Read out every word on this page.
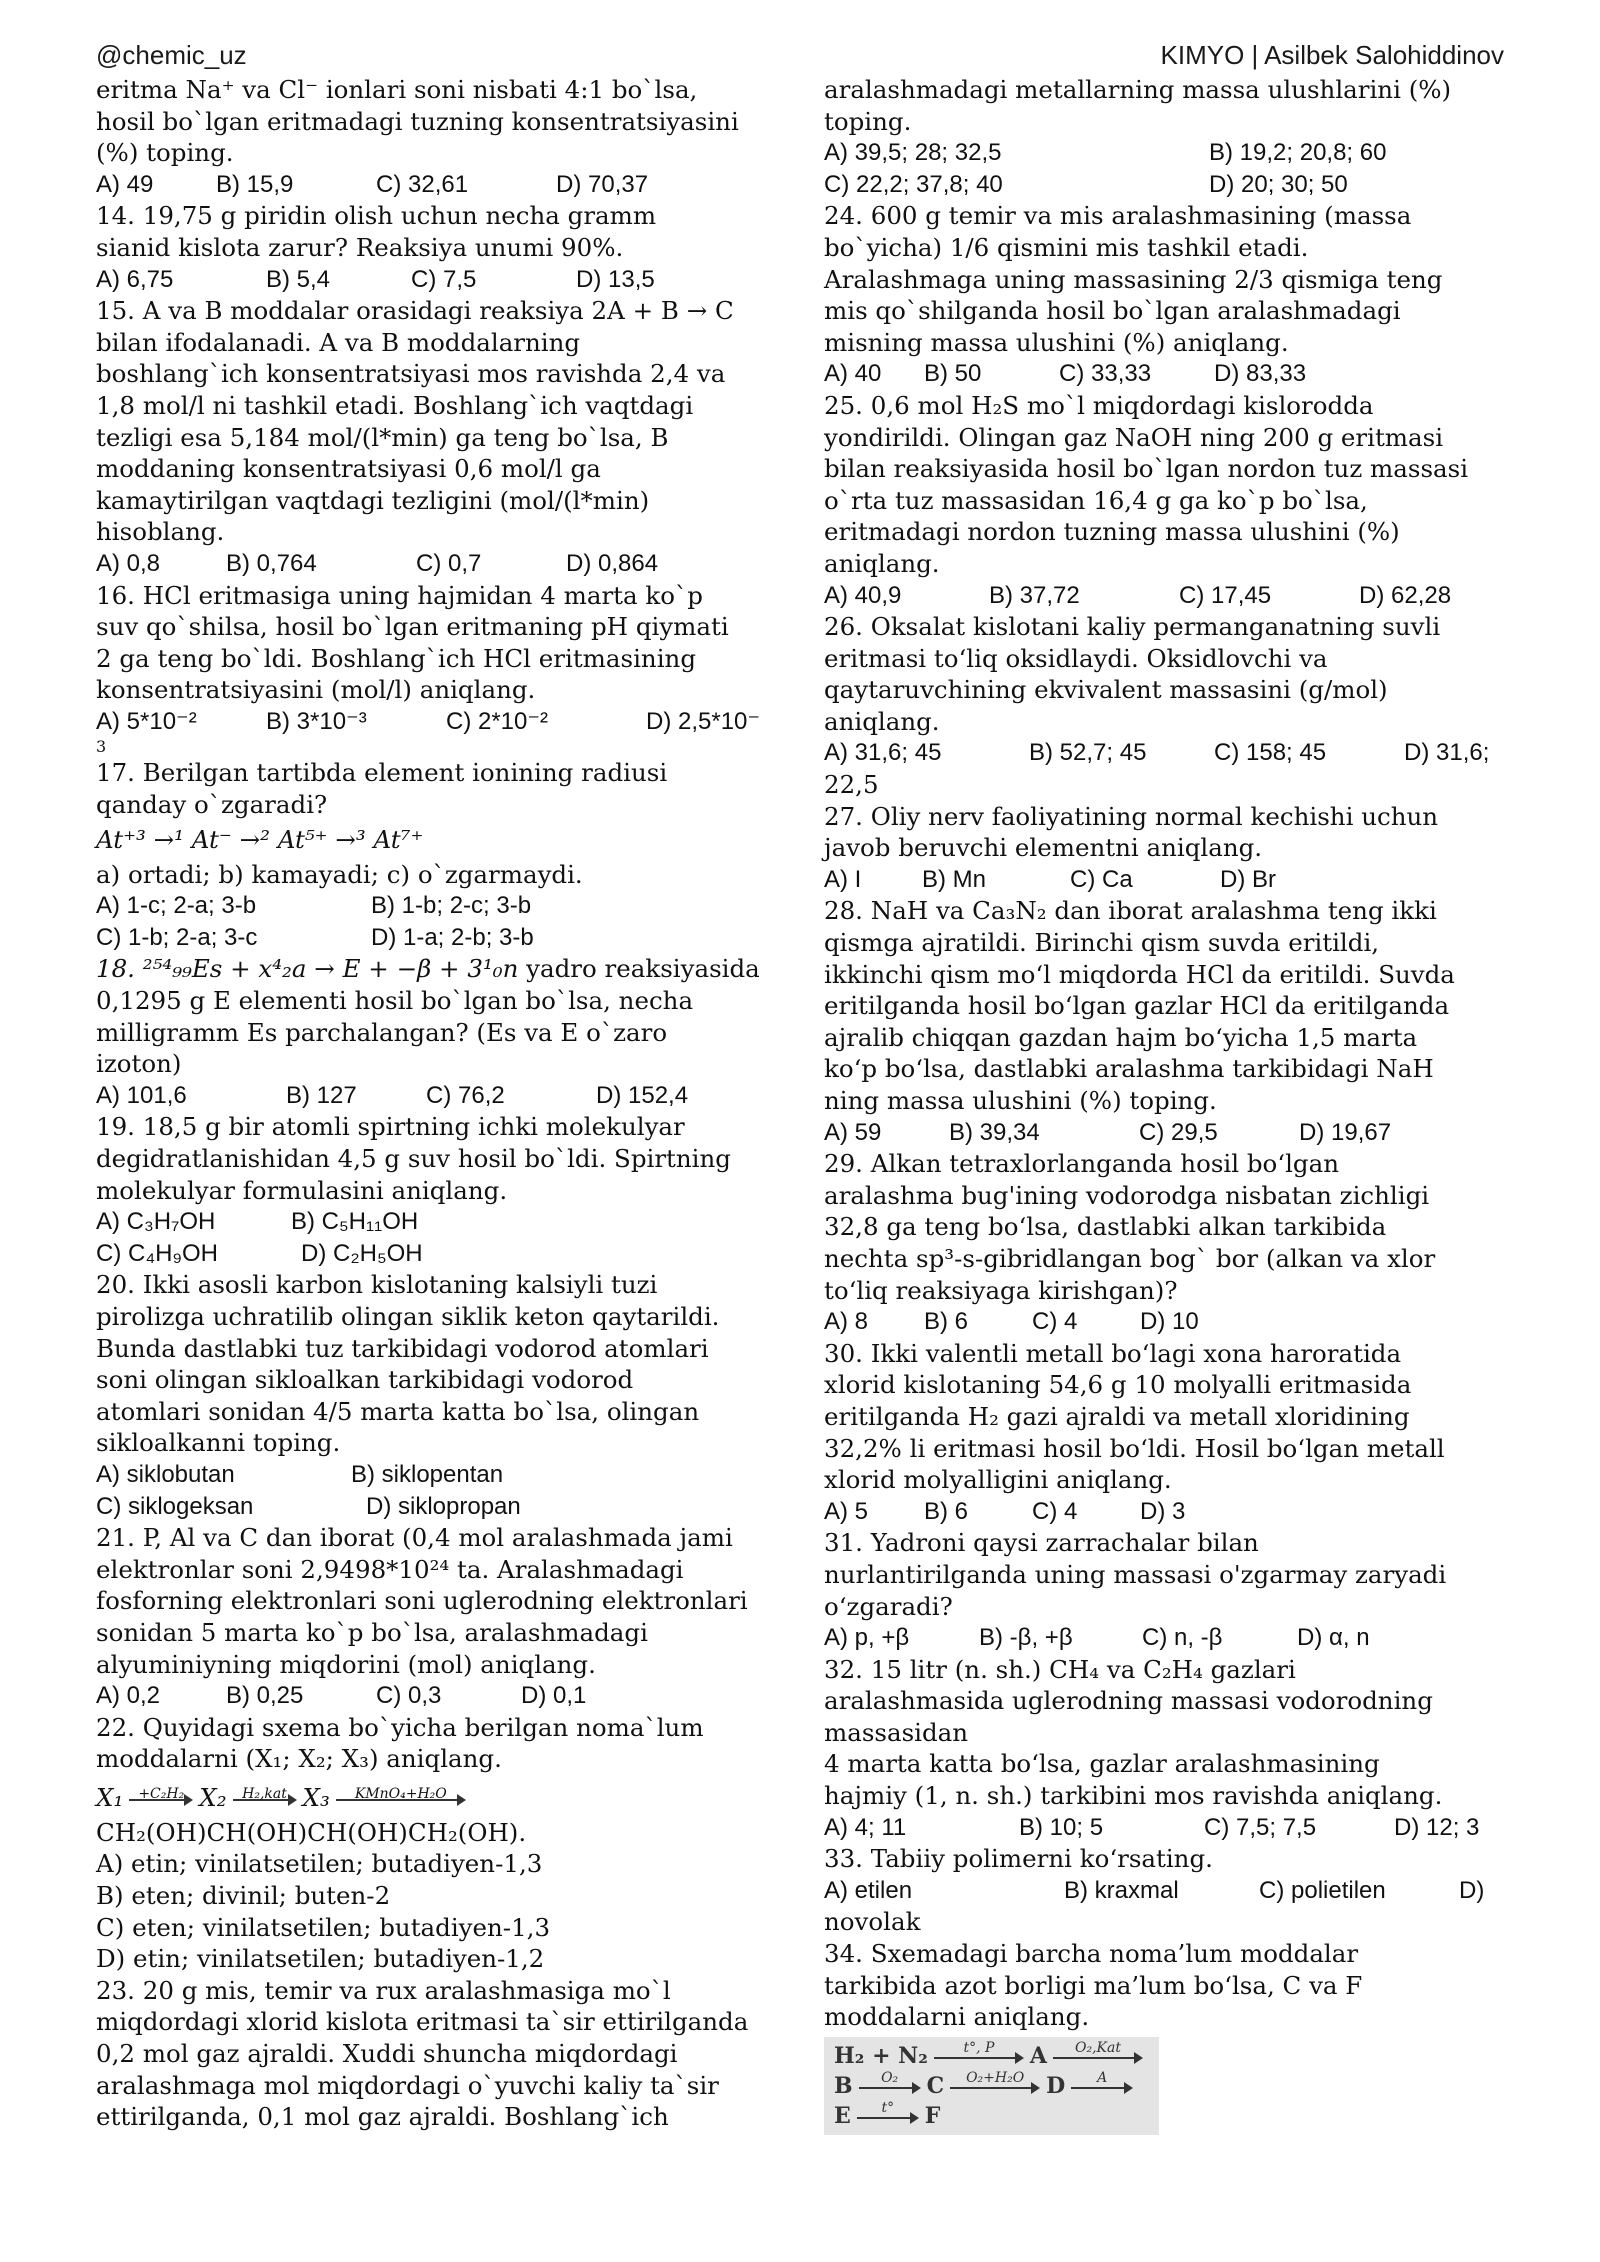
@chemic_uz	KIMYO | Asilbek Salohiddinov
eritma Na⁺ va Cl⁻ ionlari soni nisbati 4:1 bo`lsa,
hosil bo`lgan eritmadagi tuzning konsentratsiyasini
(%) toping.
A) 49	B) 15,9	C) 32,61	D) 70,37
14. 19,75 g piridin olish uchun necha gramm
sianid kislota zarur? Reaksiya unumi 90%.
A) 6,75	B) 5,4	C) 7,5	D) 13,5
15. A va B moddalar orasidagi reaksiya 2A + B → C
bilan ifodalanadi. A va B moddalarning
boshlang`ich konsentratsiyasi mos ravishda 2,4 va
1,8 mol/l ni tashkil etadi. Boshlang`ich vaqtdagi
tezligi esa 5,184 mol/(l*min) ga teng bo`lsa, B
moddaning konsentratsiyasi 0,6 mol/l ga
kamaytirilgan vaqtdagi tezligini (mol/(l*min)
hisoblang.
A) 0,8	B) 0,764	C) 0,7	D) 0,864
16. HCl eritmasiga uning hajmidan 4 marta ko`p
suv qo`shilsa, hosil bo`lgan eritmaning pH qiymati
2 ga teng bo`ldi. Boshlang`ich HCl eritmasining
konsentratsiyasini (mol/l) aniqlang.
A) 5*10⁻²	B) 3*10⁻³	C) 2*10⁻²	D) 2,5*10⁻
3
17. Berilgan tartibda element ionining radiusi
qanday o`zgaradi?
At⁺³ →¹ At⁻ →² At⁵⁺ →³ At⁷⁺
a) ortadi; b) kamayadi; c) o`zgarmaydi.
A) 1-c; 2-a; 3-b	B) 1-b; 2-c; 3-b
C) 1-b; 2-a; 3-c	D) 1-a; 2-b; 3-b
18. ²⁵⁴₉₉Es + x⁴₂a → E + −β + 3¹₀n yadro reaksiyasida
0,1295 g E elementi hosil bo`lgan bo`lsa, necha
milligramm Es parchalangan? (Es va E o`zaro
izoton)
A) 101,6	B) 127	C) 76,2	D) 152,4
19. 18,5 g bir atomli spirtning ichki molekulyar
degidratlanishidan 4,5 g suv hosil bo`ldi. Spirtning
molekulyar formulasini aniqlang.
A) C₃H₇OH	B) C₅H₁₁OH
C) C₄H₉OH	D) C₂H₅OH
20. Ikki asosli karbon kislotaning kalsiyli tuzi
pirolizga uchratilib olingan siklik keton qaytarildi.
Bunda dastlabki tuz tarkibidagi vodorod atomlari
soni olingan sikloalkan tarkibidagi vodorod
atomlari sonidan 4/5 marta katta bo`lsa, olingan
sikloalkanni toping.
A) siklobutan	B) siklopentan
C) siklogeksan	D) siklopropan
21. P, Al va C dan iborat (0,4 mol aralashmada jami
elektronlar soni 2,9498*10²⁴ ta. Aralashmadagi
fosforning elektronlari soni uglerodning elektronlari
sonidan 5 marta ko`p bo`lsa, aralashmadagi
alyuminiyning miqdorini (mol) aniqlang.
A) 0,2	B) 0,25	C) 0,3	D) 0,1
22. Quyidagi sxema bo`yicha berilgan noma`lum
moddalarni (X₁; X₂; X₃) aniqlang.
X₁	+C₂H₂ X₂	H₂,kat X₃	KMnO₄+H₂O
CH₂(OH)CH(OH)CH(OH)CH₂(OH).
A) etin; vinilatsetilen; butadiyen-1,3
B) eten; divinil; buten-2
C) eten; vinilatsetilen; butadiyen-1,3
D) etin; vinilatsetilen; butadiyen-1,2
23. 20 g mis, temir va rux aralashmasiga mo`l
miqdordagi xlorid kislota eritmasi ta`sir ettirilganda
0,2 mol gaz ajraldi. Xuddi shuncha miqdordagi
aralashmaga mol miqdordagi o`yuvchi kaliy ta`sir
ettirilganda, 0,1 mol gaz ajraldi. Boshlang`ich
aralashmadagi metallarning massa ulushlarini (%)
toping.
A) 39,5; 28; 32,5	B) 19,2; 20,8; 60
C) 22,2; 37,8; 40	D) 20; 30; 50
24. 600 g temir va mis aralashmasining (massa
bo`yicha) 1/6 qismini mis tashkil etadi.
Aralashmaga uning massasining 2/3 qismiga teng
mis qo`shilganda hosil bo`lgan aralashmadagi
misning massa ulushini (%) aniqlang.
A) 40	B) 50	C) 33,33	D) 83,33
25. 0,6 mol H₂S mo`l miqdordagi kislorodda
yondirildi. Olingan gaz NaOH ning 200 g eritmasi
bilan reaksiyasida hosil bo`lgan nordon tuz massasi
o`rta tuz massasidan 16,4 g ga ko`p bo`lsa,
eritmadagi nordon tuzning massa ulushini (%)
aniqlang.
A) 40,9	B) 37,72	C) 17,45	D) 62,28
26. Oksalat kislotani kaliy permanganatning suvli
eritmasi to‘liq oksidlaydi. Oksidlovchi va
qaytaruvchining ekvivalent massasini (g/mol)
aniqlang.
A) 31,6; 45	B) 52,7; 45	C) 158; 45	D) 31,6;
22,5
27. Oliy nerv faoliyatining normal kechishi uchun
javob beruvchi elementni aniqlang.
A) I	B) Mn	C) Ca	D) Br
28. NaH va Ca₃N₂ dan iborat aralashma teng ikki
qismga ajratildi. Birinchi qism suvda eritildi,
ikkinchi qism mo‘l miqdorda HCl da eritildi. Suvda
eritilganda hosil bo‘lgan gazlar HCl da eritilganda
ajralib chiqqan gazdan hajm bo‘yicha 1,5 marta
ko‘p bo‘lsa, dastlabki aralashma tarkibidagi NaH
ning massa ulushini (%) toping.
A) 59	B) 39,34	C) 29,5	D) 19,67
29. Alkan tetraxlorlanganda hosil bo‘lgan
aralashma bug'ining vodorodga nisbatan zichligi
32,8 ga teng bo‘lsa, dastlabki alkan tarkibida
nechta sp³-s-gibridlangan bog` bor (alkan va xlor
to‘liq reaksiyaga kirishgan)?
A) 8	B) 6	C) 4	D) 10
30. Ikki valentli metall bo‘lagi xona haroratida
xlorid kislotaning 54,6 g 10 molyalli eritmasida
eritilganda H₂ gazi ajraldi va metall xloridining
32,2% li eritmasi hosil bo‘ldi. Hosil bo‘lgan metall
xlorid molyalligini aniqlang.
A) 5	B) 6	C) 4	D) 3
31. Yadroni qaysi zarrachalar bilan
nurlantirilganda uning massasi o'zgarmay zaryadi
o‘zgaradi?
A) p, +β	B) -β, +β	C) n, -β	D) α, n
32. 15 litr (n. sh.) CH₄ va C₂H₄ gazlari
aralashmasida uglerodning massasi vodorodning
massasidan
4 marta katta bo‘lsa, gazlar aralashmasining
hajmiy (1, n. sh.) tarkibini mos ravishda aniqlang.
A) 4; 11	B) 10; 5	C) 7,5; 7,5	D) 12; 3
33. Tabiiy polimerni ko‘rsating.
A) etilen	B) kraxmal	C) polietilen	D)
novolak
34. Sxemadagi barcha noma’lum moddalar
tarkibida azot borligi ma’lum bo‘lsa, C va F
moddalarni aniqlang.
H₂ + N₂	t°, P	A	O₂,Kat
B	O₂	C	O₂+H₂O D	A
E	t°	F
